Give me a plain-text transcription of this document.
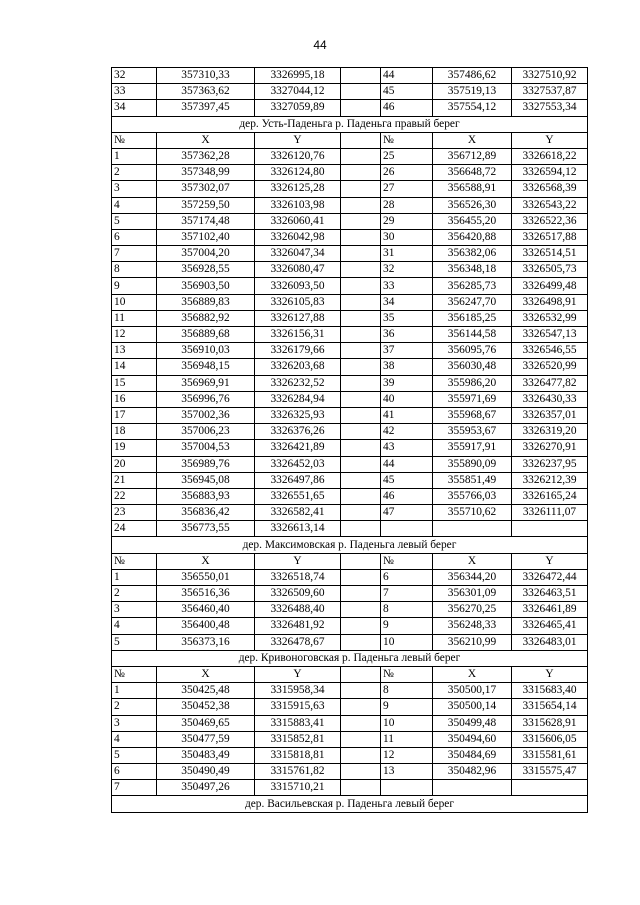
44
32	357310,33	3326995,18		44	357486,62	3327510,92
33	357363,62	3327044,12		45	357519,13	3327537,87
34	357397,45	3327059,89		46	357554,12	3327553,34
дер. Усть-Паденьга р. Паденьга правый берег						
№	X	Y		№	X	Y
1	357362,28	3326120,76		25	356712,89	3326618,22
2	357348,99	3326124,80		26	356648,72	3326594,12
3	357302,07	3326125,28		27	356588,91	3326568,39
4	357259,50	3326103,98		28	356526,30	3326543,22
5	357174,48	3326060,41		29	356455,20	3326522,36
6	357102,40	3326042,98		30	356420,88	3326517,88
7	357004,20	3326047,34		31	356382,06	3326514,51
8	356928,55	3326080,47		32	356348,18	3326505,73
9	356903,50	3326093,50		33	356285,73	3326499,48
10	356889,83	3326105,83		34	356247,70	3326498,91
11	356882,92	3326127,88		35	356185,25	3326532,99
12	356889,68	3326156,31		36	356144,58	3326547,13
13	356910,03	3326179,66		37	356095,76	3326546,55
14	356948,15	3326203,68		38	356030,48	3326520,99
15	356969,91	3326232,52		39	355986,20	3326477,82
16	356996,76	3326284,94		40	355971,69	3326430,33
17	357002,36	3326325,93		41	355968,67	3326357,01
18	357006,23	3326376,26		42	355953,67	3326319,20
19	357004,53	3326421,89		43	355917,91	3326270,91
20	356989,76	3326452,03		44	355890,09	3326237,95
21	356945,08	3326497,86		45	355851,49	3326212,39
22	356883,93	3326551,65		46	355766,03	3326165,24
23	356836,42	3326582,41		47	355710,62	3326111,07
24	356773,55	3326613,14				
дер. Максимовская р. Паденьга левый берег						
№	X	Y		№	X	Y
1	356550,01	3326518,74		6	356344,20	3326472,44
2	356516,36	3326509,60		7	356301,09	3326463,51
3	356460,40	3326488,40		8	356270,25	3326461,89
4	356400,48	3326481,92		9	356248,33	3326465,41
5	356373,16	3326478,67		10	356210,99	3326483,01
дер. Кривоноговская р. Паденьга левый берег						
№	X	Y		№	X	Y
1	350425,48	3315958,34		8	350500,17	3315683,40
2	350452,38	3315915,63		9	350500,14	3315654,14
3	350469,65	3315883,41		10	350499,48	3315628,91
4	350477,59	3315852,81		11	350494,60	3315606,05
5	350483,49	3315818,81		12	350484,69	3315581,61
6	350490,49	3315761,82		13	350482,96	3315575,47
7	350497,26	3315710,21				
дер. Васильевская р. Паденьга левый берег						
